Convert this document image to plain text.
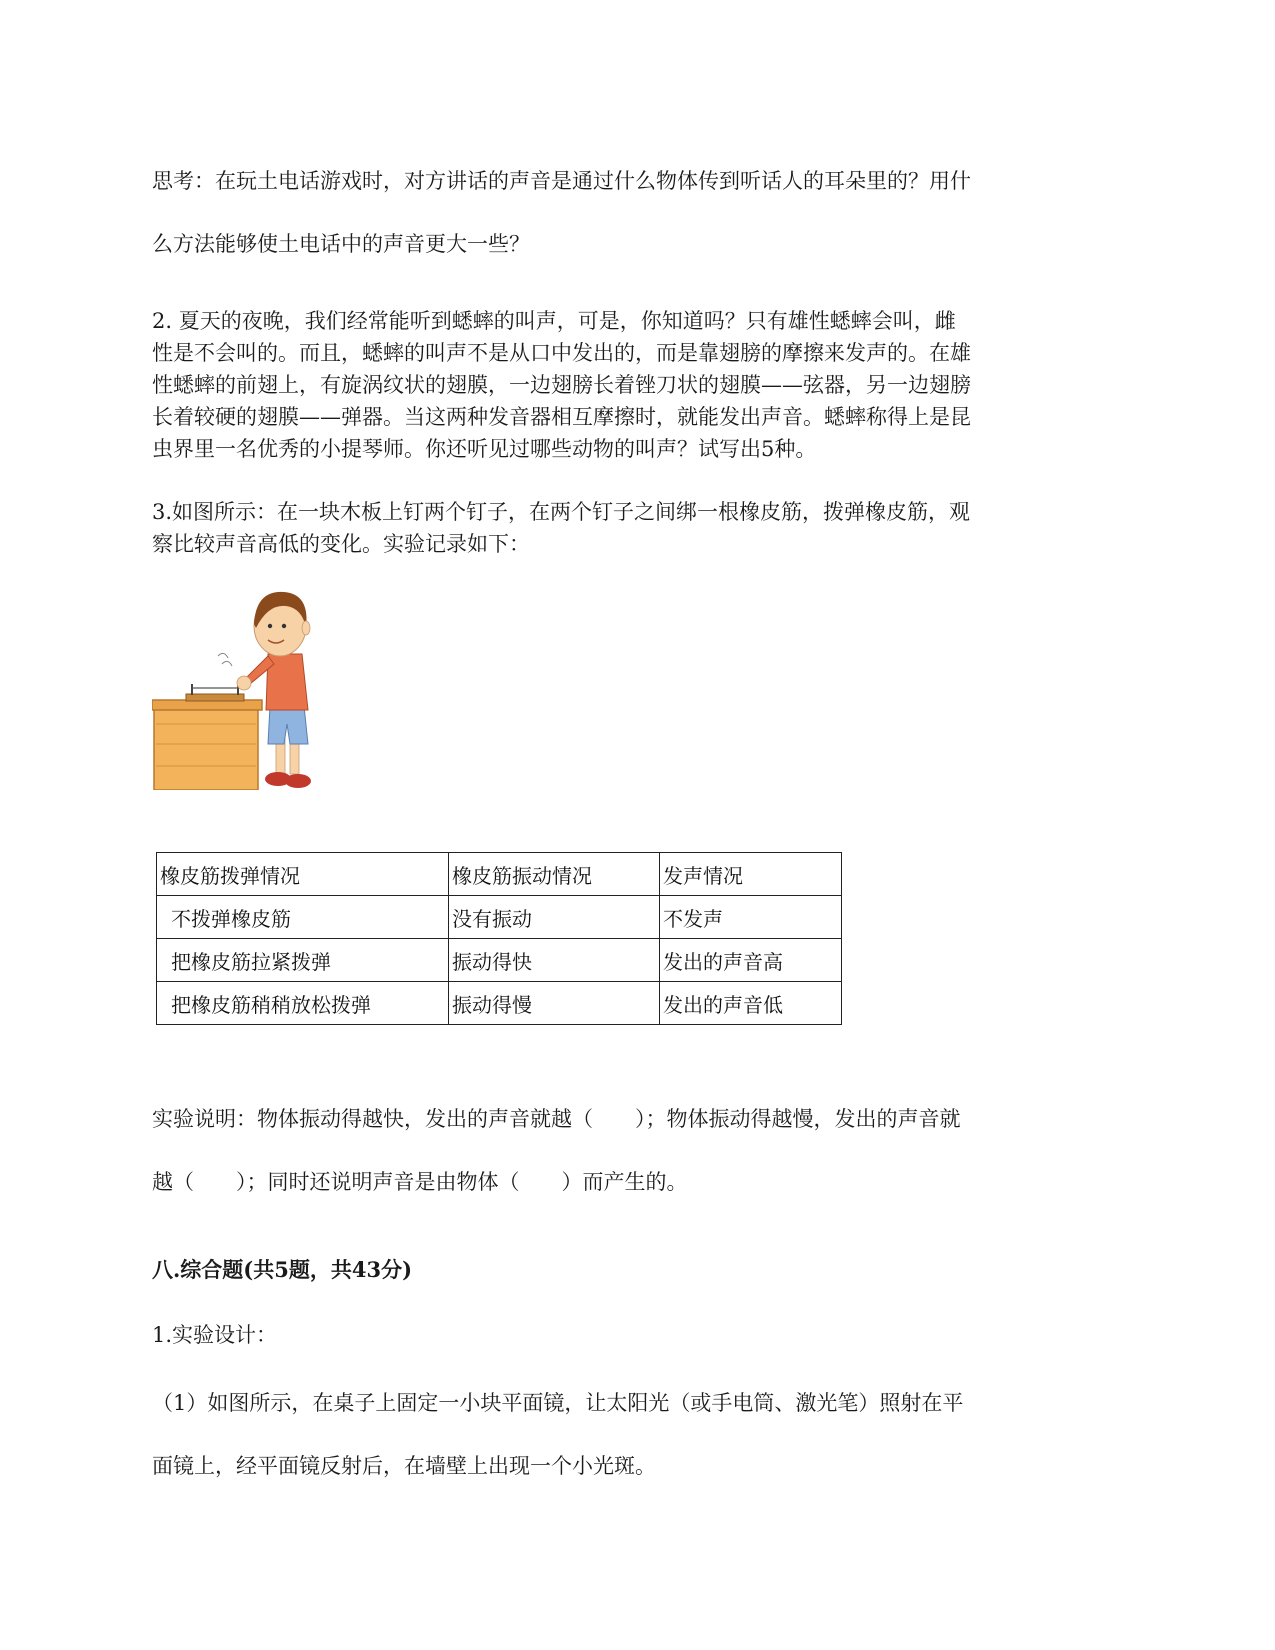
思考：在玩土电话游戏时，对方讲话的声音是通过什么物体传到听话人的耳朵里的？用什
么方法能够使土电话中的声音更大一些？
2. 夏天的夜晚，我们经常能听到蟋蟀的叫声，可是，你知道吗？只有雄性蟋蟀会叫，雌
性是不会叫的。而且，蟋蟀的叫声不是从口中发出的，而是靠翅膀的摩擦来发声的。在雄
性蟋蟀的前翅上，有旋涡纹状的翅膜，一边翅膀长着锉刀状的翅膜——弦器，另一边翅膀
长着较硬的翅膜——弹器。当这两种发音器相互摩擦时，就能发出声音。蟋蟀称得上是昆
虫界里一名优秀的小提琴师。你还听见过哪些动物的叫声？试写出5种。
3.如图所示：在一块木板上钉两个钉子，在两个钉子之间绑一根橡皮筋，拨弹橡皮筋，观
察比较声音高低的变化。实验记录如下：
橡皮筋拨弹情况	橡皮筋振动情况	发声情况
不拨弹橡皮筋	没有振动	不发声
把橡皮筋拉紧拨弹	振动得快	发出的声音高
把橡皮筋稍稍放松拨弹	振动得慢	发出的声音低
实验说明：物体振动得越快，发出的声音就越（　　）；物体振动得越慢，发出的声音就
越（　　）；同时还说明声音是由物体（　　）而产生的。
八.综合题(共5题，共43分)
1.实验设计：
（1）如图所示，在桌子上固定一小块平面镜，让太阳光（或手电筒、激光笔）照射在平
面镜上，经平面镜反射后，在墙壁上出现一个小光斑。
